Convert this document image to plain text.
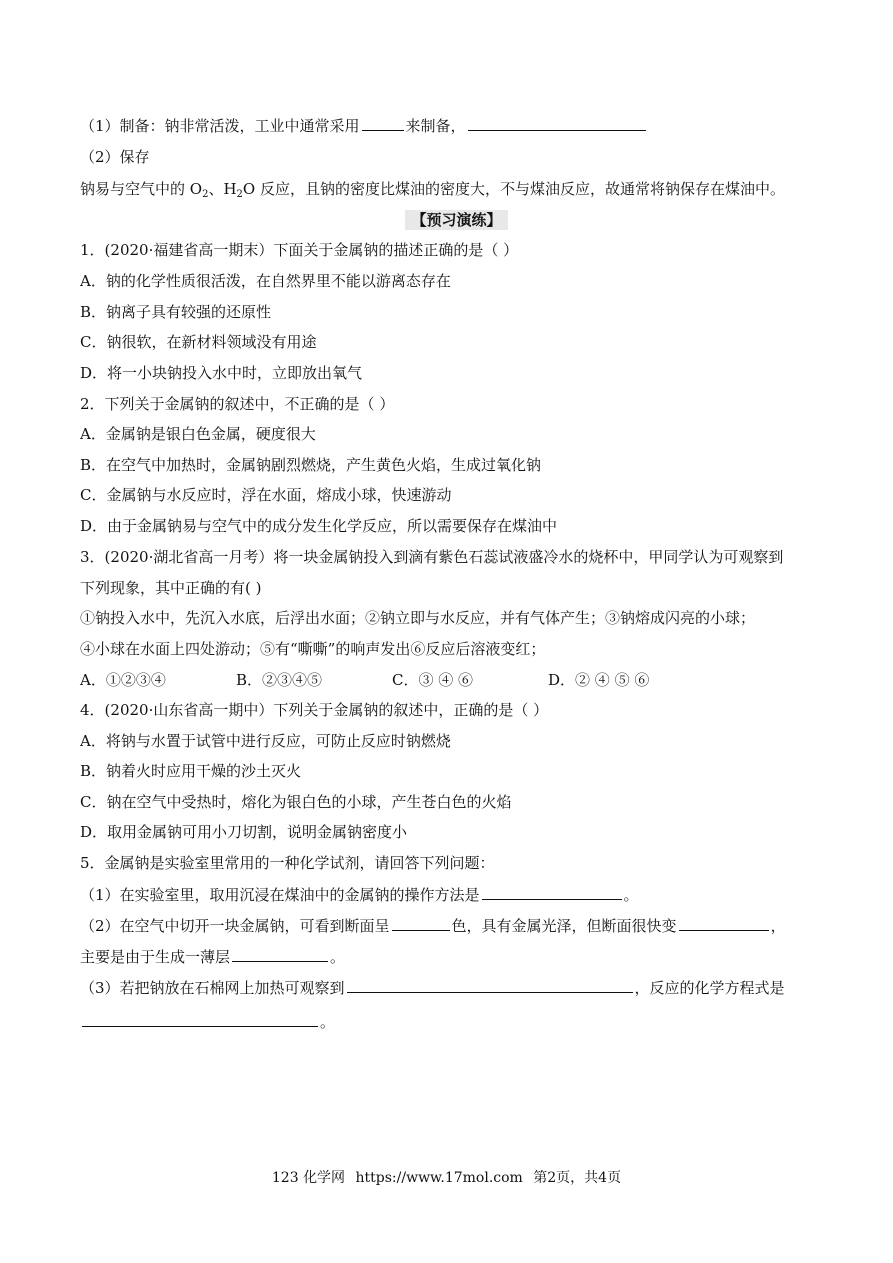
（1）制备：钠非常活泼，工业中通常采用	来制备，
（2）保存
钠易与空气中的 $O_2$、$H_2O$ 反应，且钠的密度比煤油的密度大，不与煤油反应，故通常将钠保存在煤油中。
【预习演练】
1．(2020·福建省高一期末）下面关于金属钠的描述正确的是（ ）
A．钠的化学性质很活泼，在自然界里不能以游离态存在
B．钠离子具有较强的还原性
C．钠很软，在新材料领域没有用途
D．将一小块钠投入水中时，立即放出氧气
2．下列关于金属钠的叙述中，不正确的是（ ）
A．金属钠是银白色金属，硬度很大
B．在空气中加热时，金属钠剧烈燃烧，产生黄色火焰，生成过氧化钠
C．金属钠与水反应时，浮在水面，熔成小球，快速游动
D．由于金属钠易与空气中的成分发生化学反应，所以需要保存在煤油中
3．(2020·湖北省高一月考）将一块金属钠投入到滴有紫色石蕊试液盛冷水的烧杯中，甲同学认为可观察到
下列现象，其中正确的有( )
①钠投入水中，先沉入水底，后浮出水面；②钠立即与水反应，并有气体产生；③钠熔成闪亮的小球；
④小球在水面上四处游动；⑤有“嘶嘶”的响声发出⑥反应后溶液变红；
A．①②③④	B．②③④⑤	C．③ ④ ⑥	D．② ④ ⑤ ⑥
4．(2020·山东省高一期中）下列关于金属钠的叙述中，正确的是（ ）
A．将钠与水置于试管中进行反应，可防止反应时钠燃烧
B．钠着火时应用干燥的沙土灭火
C．钠在空气中受热时，熔化为银白色的小球，产生苍白色的火焰
D．取用金属钠可用小刀切割，说明金属钠密度小
5．金属钠是实验室里常用的一种化学试剂，请回答下列问题：
（1）在实验室里，取用沉浸在煤油中的金属钠的操作方法是	。
（2）在空气中切开一块金属钠，可看到断面呈	色，具有金属光泽，但断面很快变	，
主要是由于生成一薄层	。
（3）若把钠放在石棉网上加热可观察到	，反应的化学方程式是
。
123 化学网 https://www.17mol.com 第2页，共4页
